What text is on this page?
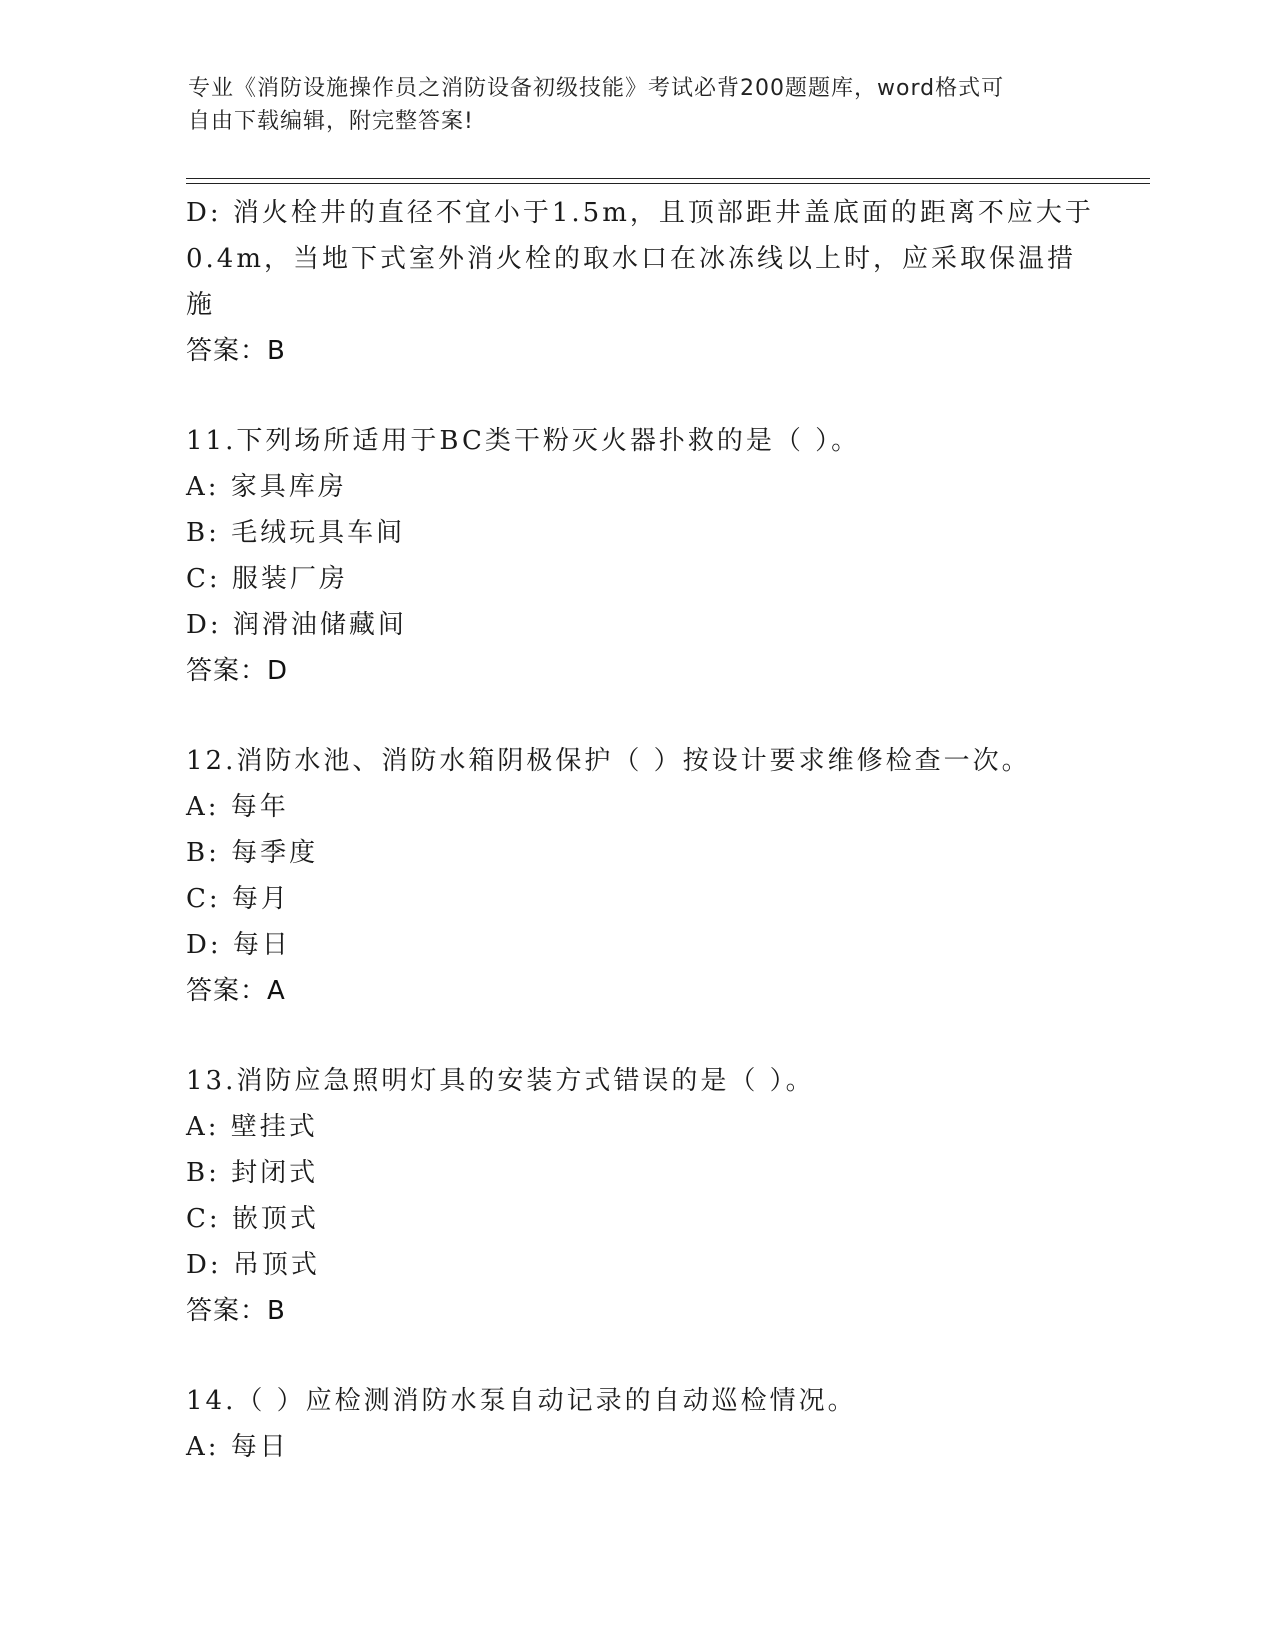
专业《消防设施操作员之消防设备初级技能》考试必背200题题库，word格式可
自由下载编辑，附完整答案!
D: 消火栓井的直径不宜小于1.5m，且顶部距井盖底面的距离不应大于
0.4m，当地下式室外消火栓的取水口在冰冻线以上时，应采取保温措
施
答案：B
11.下列场所适用于BC类干粉灭火器扑救的是（ ）。
A: 家具库房
B: 毛绒玩具车间
C: 服装厂房
D: 润滑油储藏间
答案：D
12.消防水池、消防水箱阴极保护（ ）按设计要求维修检查一次。
A: 每年
B: 每季度
C: 每月
D: 每日
答案：A
13.消防应急照明灯具的安装方式错误的是（ ）。
A: 壁挂式
B: 封闭式
C: 嵌顶式
D: 吊顶式
答案：B
14.（ ）应检测消防水泵自动记录的自动巡检情况。
A: 每日
